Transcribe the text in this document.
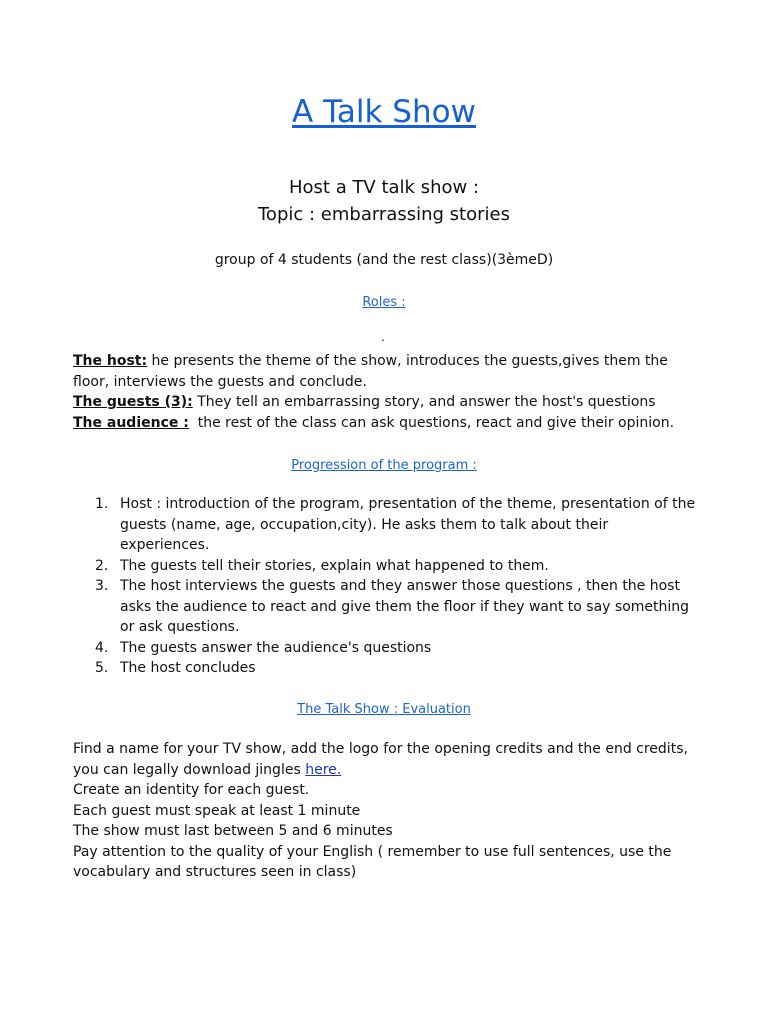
A Talk Show
Host a TV talk show :
Topic : embarrassing stories
group of 4 students (and the rest class)(3èmeD)
Roles :
.
The host: he presents the theme of the show, introduces the guests,gives them the floor, interviews the guests and conclude.
The guests (3): They tell an embarrassing story, and answer the host's questions
The audience :  the rest of the class can ask questions, react and give their opinion.
Progression of the program :
1. Host : introduction of the program, presentation of the theme, presentation of the guests (name, age, occupation,city). He asks them to talk about their experiences.
2. The guests tell their stories, explain what happened to them.
3. The host interviews the guests and they answer those questions , then the host asks the audience to react and give them the floor if they want to say something or ask questions.
4. The guests answer the audience's questions
5. The host concludes
The Talk Show : Evaluation
Find a name for your TV show, add the logo for the opening credits and the end credits, you can legally download jingles here.
Create an identity for each guest.
Each guest must speak at least 1 minute
The show must last between 5 and 6 minutes
Pay attention to the quality of your English ( remember to use full sentences, use the vocabulary and structures seen in class)
